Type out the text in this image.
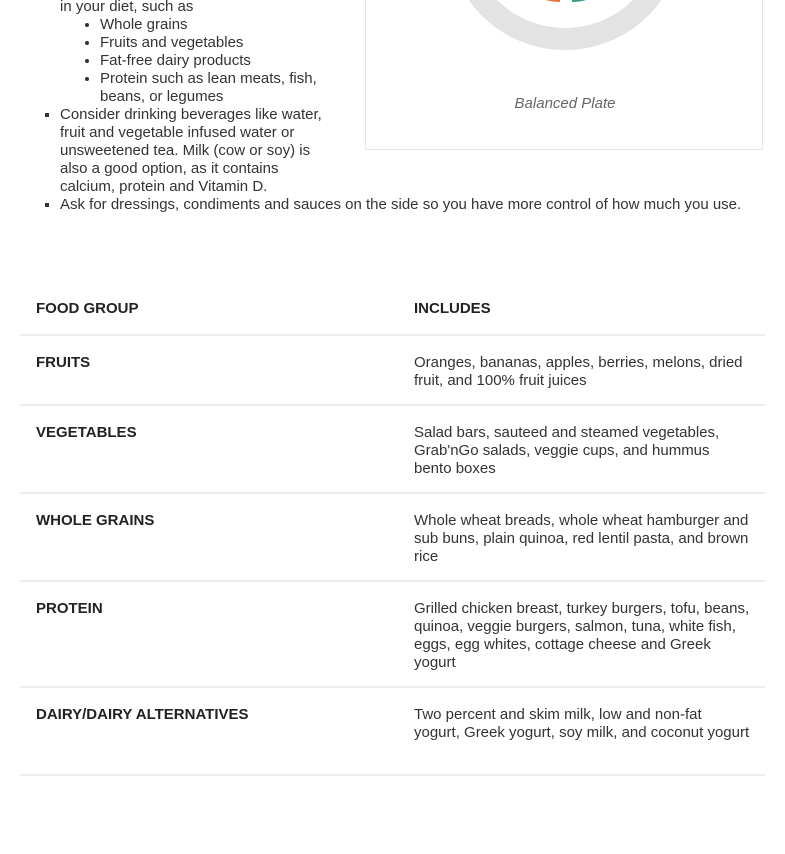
in your diet, such as
• Whole grains
• Fruits and vegetables
• Fat-free dairy products
• Protein such as lean meats, fish, beans, or legumes
▪ Consider drinking beverages like water, fruit and vegetable infused water or unsweetened tea. Milk (cow or soy) is also a good option, as it contains calcium, protein and Vitamin D.
▪ Ask for dressings, condiments and sauces on the side so you have more control of how much you use.
Balanced Plate
FOOD GROUP	INCLUDES
FRUITS	Oranges, bananas, apples, berries, melons, dried fruit, and 100% fruit juices
VEGETABLES	Salad bars, sauteed and steamed vegetables, Grab'nGo salads, veggie cups, and hummus bento boxes
WHOLE GRAINS	Whole wheat breads, whole wheat hamburger and sub buns, plain quinoa, red lentil pasta, and brown rice
PROTEIN	Grilled chicken breast, turkey burgers, tofu, beans, quinoa, veggie burgers, salmon, tuna, white fish, eggs, egg whites, cottage cheese and Greek yogurt
DAIRY/DAIRY ALTERNATIVES	Two percent and skim milk, low and non-fat yogurt, Greek yogurt, soy milk, and coconut yogurt
